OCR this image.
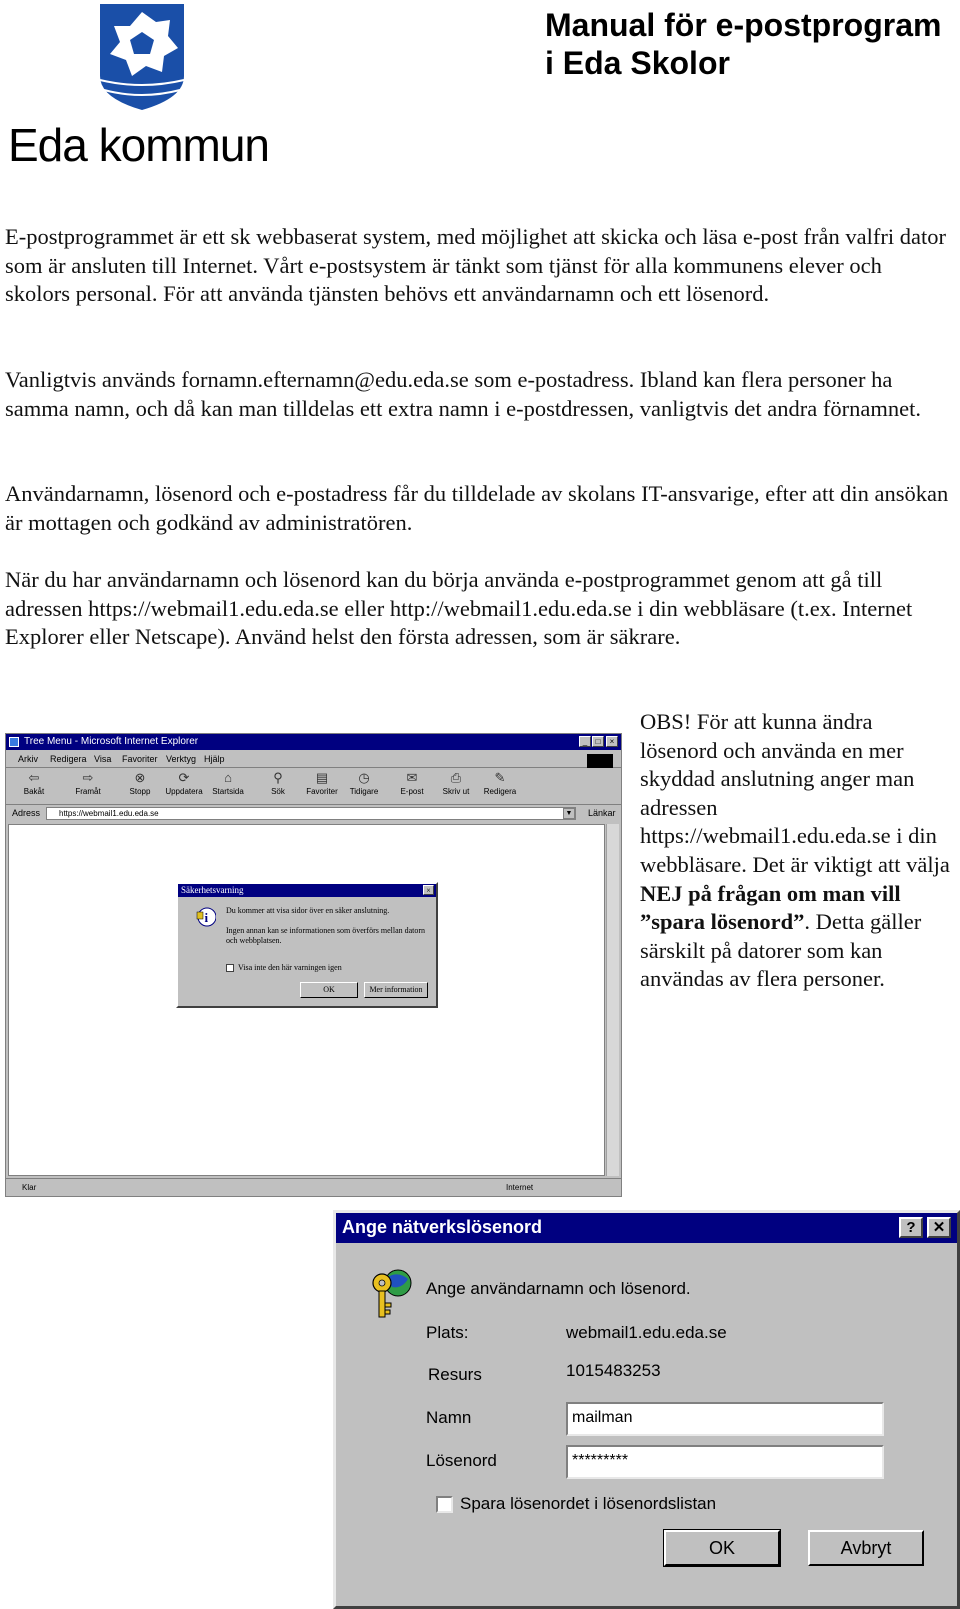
Eda kommun
Manual för e-postprogram
i Eda Skolor

E-postprogrammet är ett sk webbaserat system, med möjlighet att skicka och läsa e-post från valfri dator som är ansluten till Internet. Vårt e-postsystem är tänkt som tjänst för alla kommunens elever och skolors personal. För att använda tjänsten behövs ett användarnamn och ett lösenord.

Vanligtvis används fornamn.efternamn@edu.eda.se som e-postadress. Ibland kan flera personer ha samma namn, och då kan man tilldelas ett extra namn i e-postdressen, vanligtvis det andra förnamnet.

Användarnamn, lösenord och e-postadress får du tilldelade av skolans IT-ansvarige, efter att din ansökan är mottagen och godkänd av administratören.

När du har användarnamn och lösenord kan du börja använda e-postprogrammet genom att gå till adressen https://webmail1.edu.eda.se eller http://webmail1.edu.eda.se i din webbläsare (t.ex. Internet Explorer eller Netscape). Använd helst den första adressen, som är säkrare.

OBS! För att kunna ändra lösenord och använda en mer skyddad anslutning anger man adressen https://webmail1.edu.eda.se i din webbläsare. Det är viktigt att välja NEJ på frågan om man vill ”spara lösenord”. Detta gäller särskilt på datorer som kan användas av flera personer.
Tree Menu - Microsoft Internet Explorer	_	□	×
Arkiv Redigera Visa Favoriter Verktyg Hjälp
⇦
Bakåt
⇨
Framåt
⊗
Stopp
⟳
Uppdatera
⌂
Startsida
⚲
Sök
▤
Favoriter
◷
Tidigare
✉
E-post
⎙
Skriv ut
✎
Redigera
Adress	https://webmail1.edu.eda.se	▼ Länkar
Klar	Internet
Säkerhetsvarning	×
i Du kommer att visa sidor över en säker anslutning.
Ingen annan kan se informationen som överförs mellan datorn och webbplatsen.
Visa inte den här varningen igen
OK	Mer information
Ange nätverkslösenord	?	✕
Ange användarnamn och lösenord.
Plats:	webmail1.edu.eda.se
Resurs	1015483253
Namn	mailman
Lösenord	*********
Spara lösenordet i lösenordslistan
OK	Avbryt
